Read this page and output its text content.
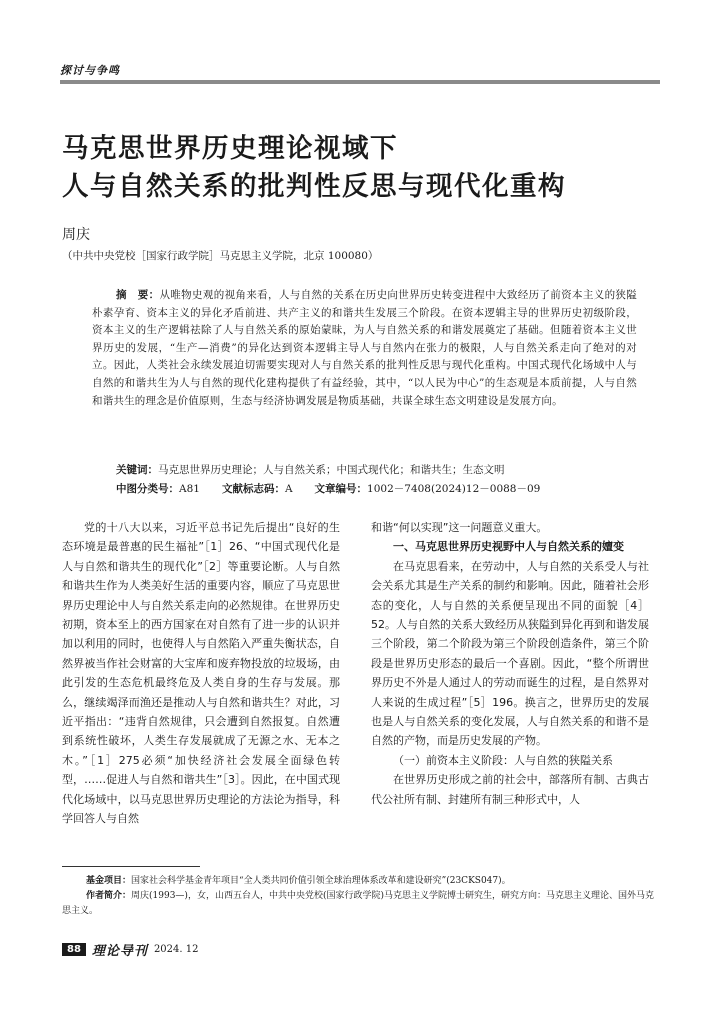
探讨与争鸣
马克思世界历史理论视域下
人与自然关系的批判性反思与现代化重构
周庆
（中共中央党校［国家行政学院］马克思主义学院，北京 100080）
摘　要：从唯物史观的视角来看，人与自然的关系在历史向世界历史转变进程中大致经历了前资本主义的狭隘朴素孕育、资本主义的异化矛盾前进、共产主义的和谐共生发展三个阶段。在资本逻辑主导的世界历史初级阶段，资本主义的生产逻辑祛除了人与自然关系的原始蒙昧，为人与自然关系的和谐发展奠定了基础。但随着资本主义世界历史的发展，“生产—消费”的异化达到资本逻辑主导人与自然内在张力的极限，人与自然关系走向了绝对的对立。因此，人类社会永续发展迫切需要实现对人与自然关系的批判性反思与现代化重构。中国式现代化场域中人与自然的和谐共生为人与自然的现代化建构提供了有益经验，其中，“以人民为中心”的生态观是本质前提，人与自然和谐共生的理念是价值原则，生态与经济协调发展是物质基础，共谋全球生态文明建设是发展方向。
关键词：马克思世界历史理论；人与自然关系；中国式现代化；和谐共生；生态文明
中图分类号：A81 文献标志码：A 文章编号：1002－7408(2024)12－0088－09

党的十八大以来，习近平总书记先后提出“良好的生态环境是最普惠的民生福祉”［1］26、“中国式现代化是人与自然和谐共生的现代化”［2］等重要论断。人与自然和谐共生作为人类美好生活的重要内容，顺应了马克思世界历史理论中人与自然关系走向的必然规律。在世界历史初期，资本至上的西方国家在对自然有了进一步的认识并加以利用的同时，也使得人与自然陷入严重失衡状态，自然界被当作社会财富的大宝库和废弃物投放的垃圾场，由此引发的生态危机最终危及人类自身的生存与发展。那么，继续竭泽而渔还是推动人与自然和谐共生？对此，习近平指出：“违背自然规律，只会遭到自然报复。自然遭到系统性破坏，人类生存发展就成了无源之水、无本之木。”［1］275必须“加快经济社会发展全面绿色转型，……促进人与自然和谐共生”［3］。因此，在中国式现代化场域中，以马克思世界历史理论的方法论为指导，科学回答人与自然

和谐“何以实现”这一问题意义重大。

一、马克思世界历史视野中人与自然关系的嬗变

在马克思看来，在劳动中，人与自然的关系受人与社会关系尤其是生产关系的制约和影响。因此，随着社会形态的变化，人与自然的关系便呈现出不同的面貌［4］52。人与自然的关系大致经历从狭隘到异化再到和谐发展三个阶段，第二个阶段为第三个阶段创造条件，第三个阶段是世界历史形态的最后一个喜剧。因此，“整个所谓世界历史不外是人通过人的劳动而诞生的过程，是自然界对人来说的生成过程”［5］196。换言之，世界历史的发展也是人与自然关系的变化发展，人与自然关系的和谐不是自然的产物，而是历史发展的产物。

（一）前资本主义阶段：人与自然的狭隘关系

在世界历史形成之前的社会中，部落所有制、古典古代公社所有制、封建所有制三种形式中，人

基金项目：国家社会科学基金青年项目“全人类共同价值引领全球治理体系改革和建设研究”(23CKS047)。

作者简介：周庆(1993—)，女，山西五台人，中共中央党校(国家行政学院)马克思主义学院博士研究生，研究方向：马克思主义理论、国外马克思主义。

88 理论导刊 2024. 12
